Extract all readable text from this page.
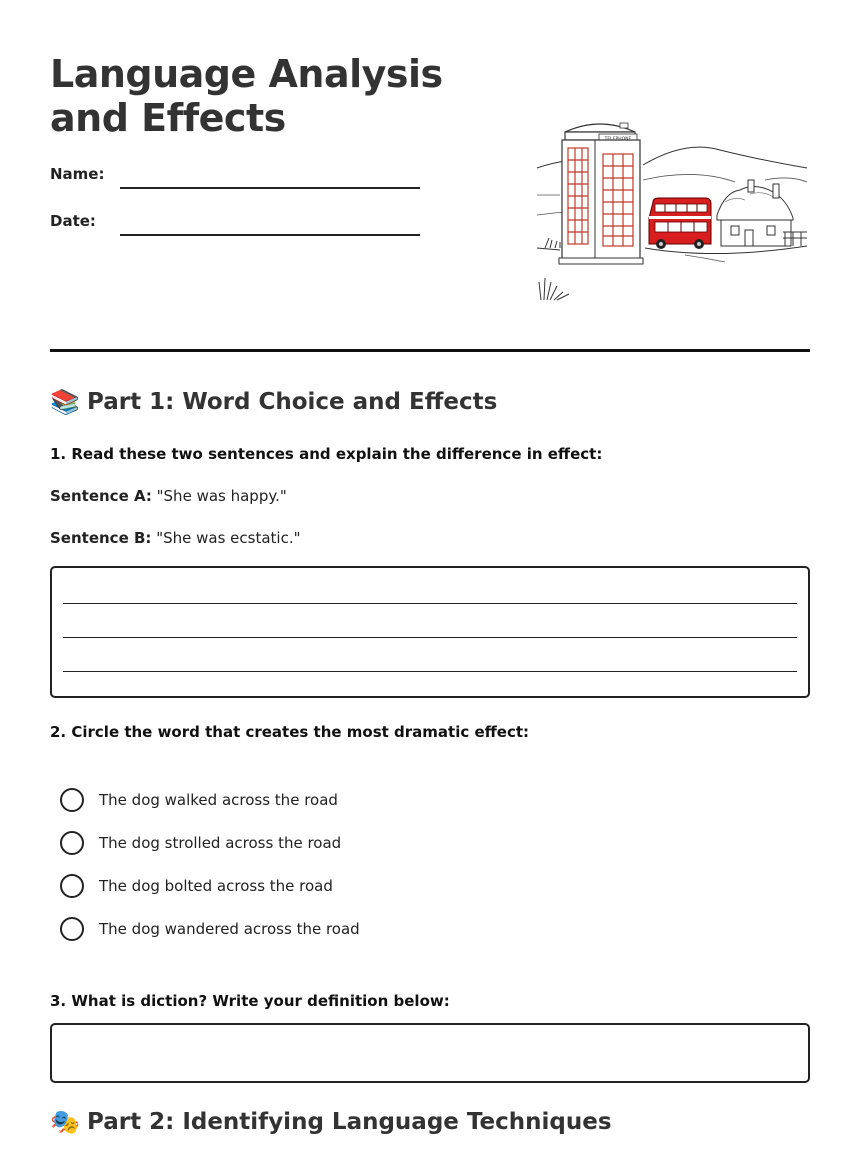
Language Analysis and Effects
Name:
Date:
📚 Part 1: Word Choice and Effects
1. Read these two sentences and explain the difference in effect:
Sentence A: "She was happy."
Sentence B: "She was ecstatic."
2. Circle the word that creates the most dramatic effect:
The dog walked across the road
The dog strolled across the road
The dog bolted across the road
The dog wandered across the road
3. What is diction? Write your definition below:
🎭 Part 2: Identifying Language Techniques
